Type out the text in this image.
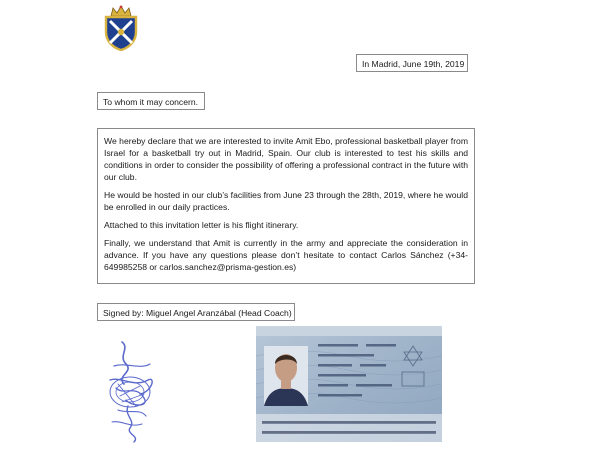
In Madrid, June 19th, 2019
To whom it may concern.

We hereby declare that we are interested to invite Amit Ebo, professional basketball player from Israel for a basketball try out in Madrid, Spain. Our club is interested to test his skills and conditions in order to consider the possibility of offering a professional contract in the future with our club.

He would be hosted in our club’s facilities from June 23 through the 28th, 2019, where he would be enrolled in our daily practices.

Attached to this invitation letter is his flight itinerary.

Finally, we understand that Amit is currently in the army and appreciate the consideration in advance. If you have any questions please don’t hesitate to contact Carlos Sánchez (+34-649985258 or carlos.sanchez@prisma-gestion.es)

Signed by: Miguel Angel Aranzábal (Head Coach)
